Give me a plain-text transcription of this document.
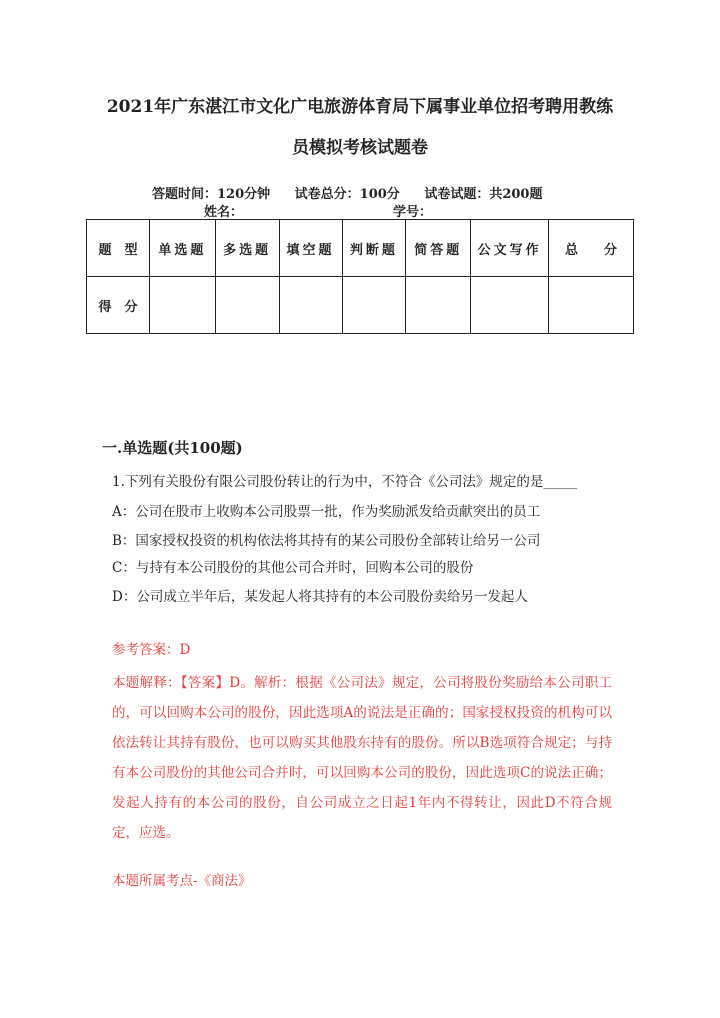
2021年广东湛江市文化广电旅游体育局下属事业单位招考聘用教练
员模拟考核试题卷
答题时间：120分钟 试卷总分：100分 试卷试题：共200题
姓名：	学号：
题　型	单选题	多选题	填空题	判断题	简答题	公文写作	总　　分
得　分							
一.单选题(共100题)
1.下列有关股份有限公司股份转让的行为中，不符合《公司法》规定的是_____
A：公司在股市上收购本公司股票一批，作为奖励派发给贡献突出的员工
B：国家授权投资的机构依法将其持有的某公司股份全部转让给另一公司
C：与持有本公司股份的其他公司合并时，回购本公司的股份
D：公司成立半年后，某发起人将其持有的本公司股份卖给另一发起人
参考答案：D

本题解释：【答案】D。解析：根据《公司法》规定，公司将股份奖励给本公司职工的，可以回购本公司的股份，因此选项A的说法是正确的；国家授权投资的机构可以依法转让其持有股份，也可以购买其他股东持有的股份。所以B选项符合规定；与持有本公司股份的其他公司合并时，可以回购本公司的股份，因此选项C的说法正确；发起人持有的本公司的股份，自公司成立之日起1年内不得转让，因此D不符合规定，应选。

本题所属考点-《商法》
